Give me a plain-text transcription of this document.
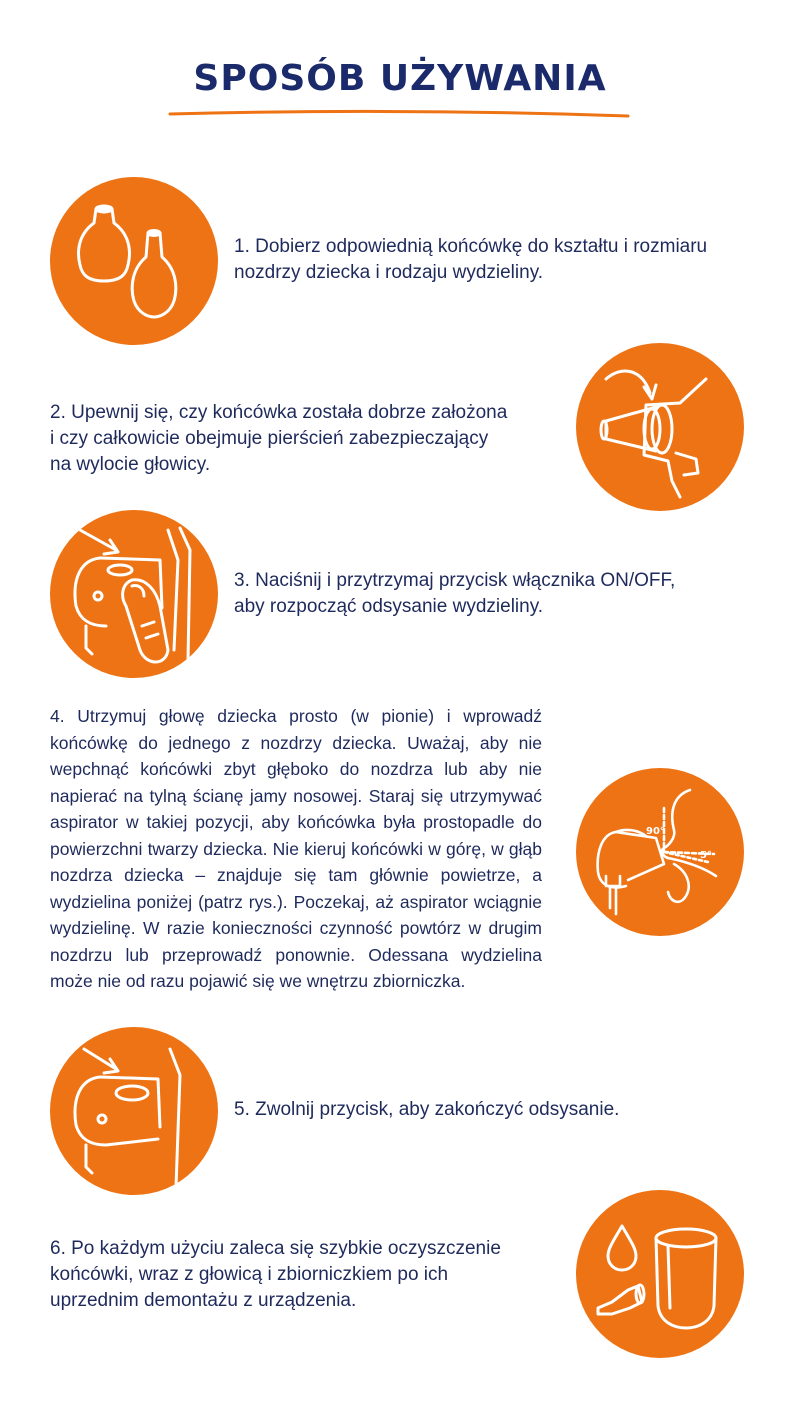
SPOSÓB UŻYWANIA
1. Dobierz odpowiednią końcówkę do kształtu i rozmiaru
nozdrzy dziecka i rodzaju wydzieliny.
2. Upewnij się, czy końcówka została dobrze założona
i czy całkowicie obejmuje pierścień zabezpieczający
na wylocie głowicy.
3. Naciśnij i przytrzymaj przycisk włącznika ON/OFF,
aby rozpocząć odsysanie wydzieliny.
4. Utrzymuj głowę dziecka prosto (w pionie) i wprowadź końcówkę do jednego z nozdrzy dziecka. Uważaj, aby nie wepchnąć końcówki zbyt głęboko do nozdrza lub aby nie napierać na tylną ścianę jamy nosowej. Staraj się utrzymywać aspirator w takiej pozycji, aby końcówka była prostopadle do powierzchni twarzy dziecka. Nie kieruj końcówki w górę, w głąb nozdrza dziecka – znajduje się tam głównie powietrze, a wydzielina poniżej (patrz rys.). Poczekaj, aż aspirator wciągnie wydzielinę. W razie konieczności czynność powtórz w drugim nozdrzu lub przeprowadź ponownie. Odessana wydzielina może nie od razu pojawić się we wnętrzu zbiorniczka.
90°
5°
5. Zwolnij przycisk, aby zakończyć odsysanie.
6. Po każdym użyciu zaleca się szybkie oczyszczenie
końcówki, wraz z głowicą i zbiorniczkiem po ich
uprzednim demontażu z urządzenia.
